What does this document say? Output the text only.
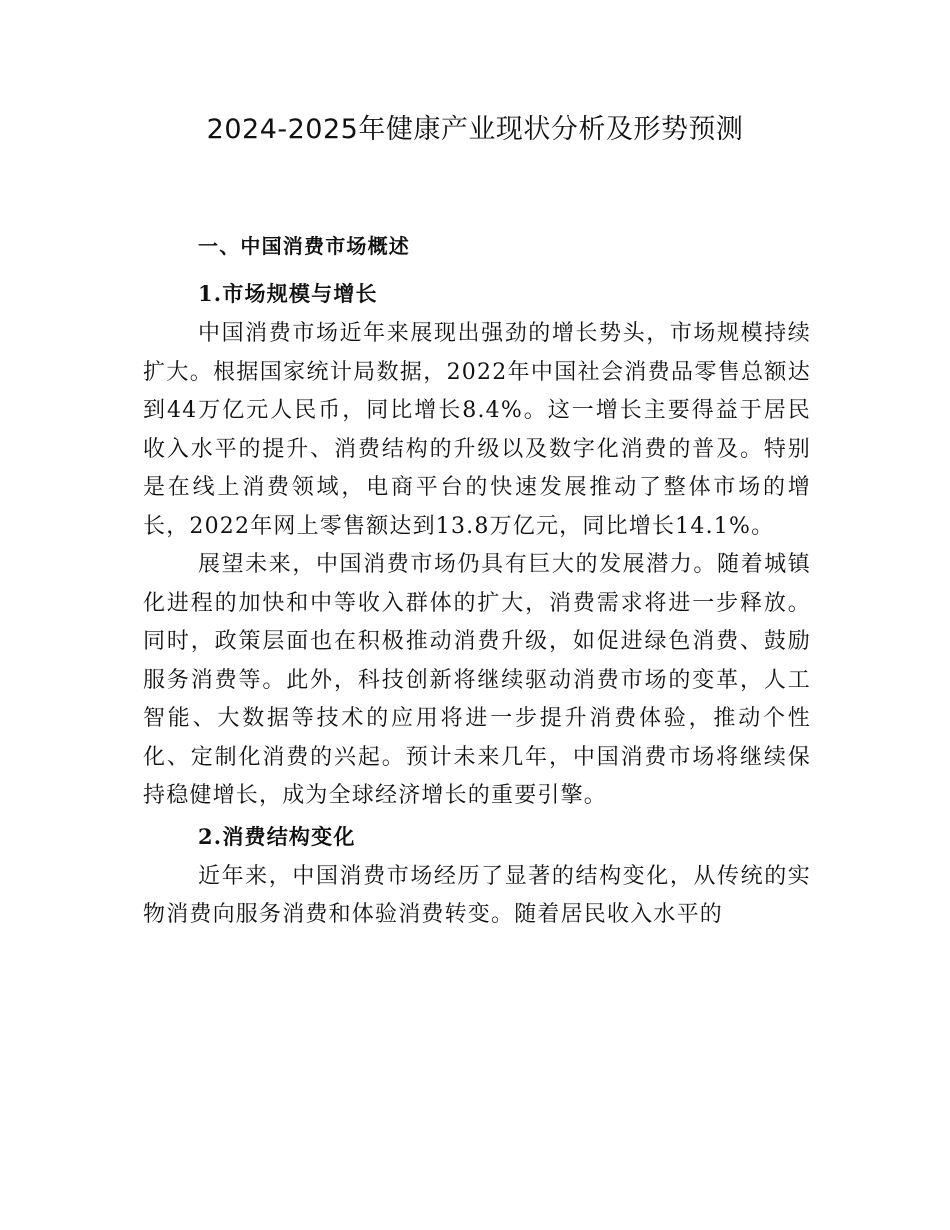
2024-2025年健康产业现状分析及形势预测
一、中国消费市场概述
1.市场规模与增长

中国消费市场近年来展现出强劲的增长势头，市场规模持续扩大。根据国家统计局数据，2022年中国社会消费品零售总额达到44万亿元人民币，同比增长8.4%。这一增长主要得益于居民收入水平的提升、消费结构的升级以及数字化消费的普及。特别是在线上消费领域，电商平台的快速发展推动了整体市场的增长，2022年网上零售额达到13.8万亿元，同比增长14.1%。

展望未来，中国消费市场仍具有巨大的发展潜力。随着城镇化进程的加快和中等收入群体的扩大，消费需求将进一步释放。同时，政策层面也在积极推动消费升级，如促进绿色消费、鼓励服务消费等。此外，科技创新将继续驱动消费市场的变革，人工智能、大数据等技术的应用将进一步提升消费体验，推动个性化、定制化消费的兴起。预计未来几年，中国消费市场将继续保持稳健增长，成为全球经济增长的重要引擎。

2.消费结构变化

近年来，中国消费市场经历了显著的结构变化，从传统的实物消费向服务消费和体验消费转变。随着居民收入水平的
